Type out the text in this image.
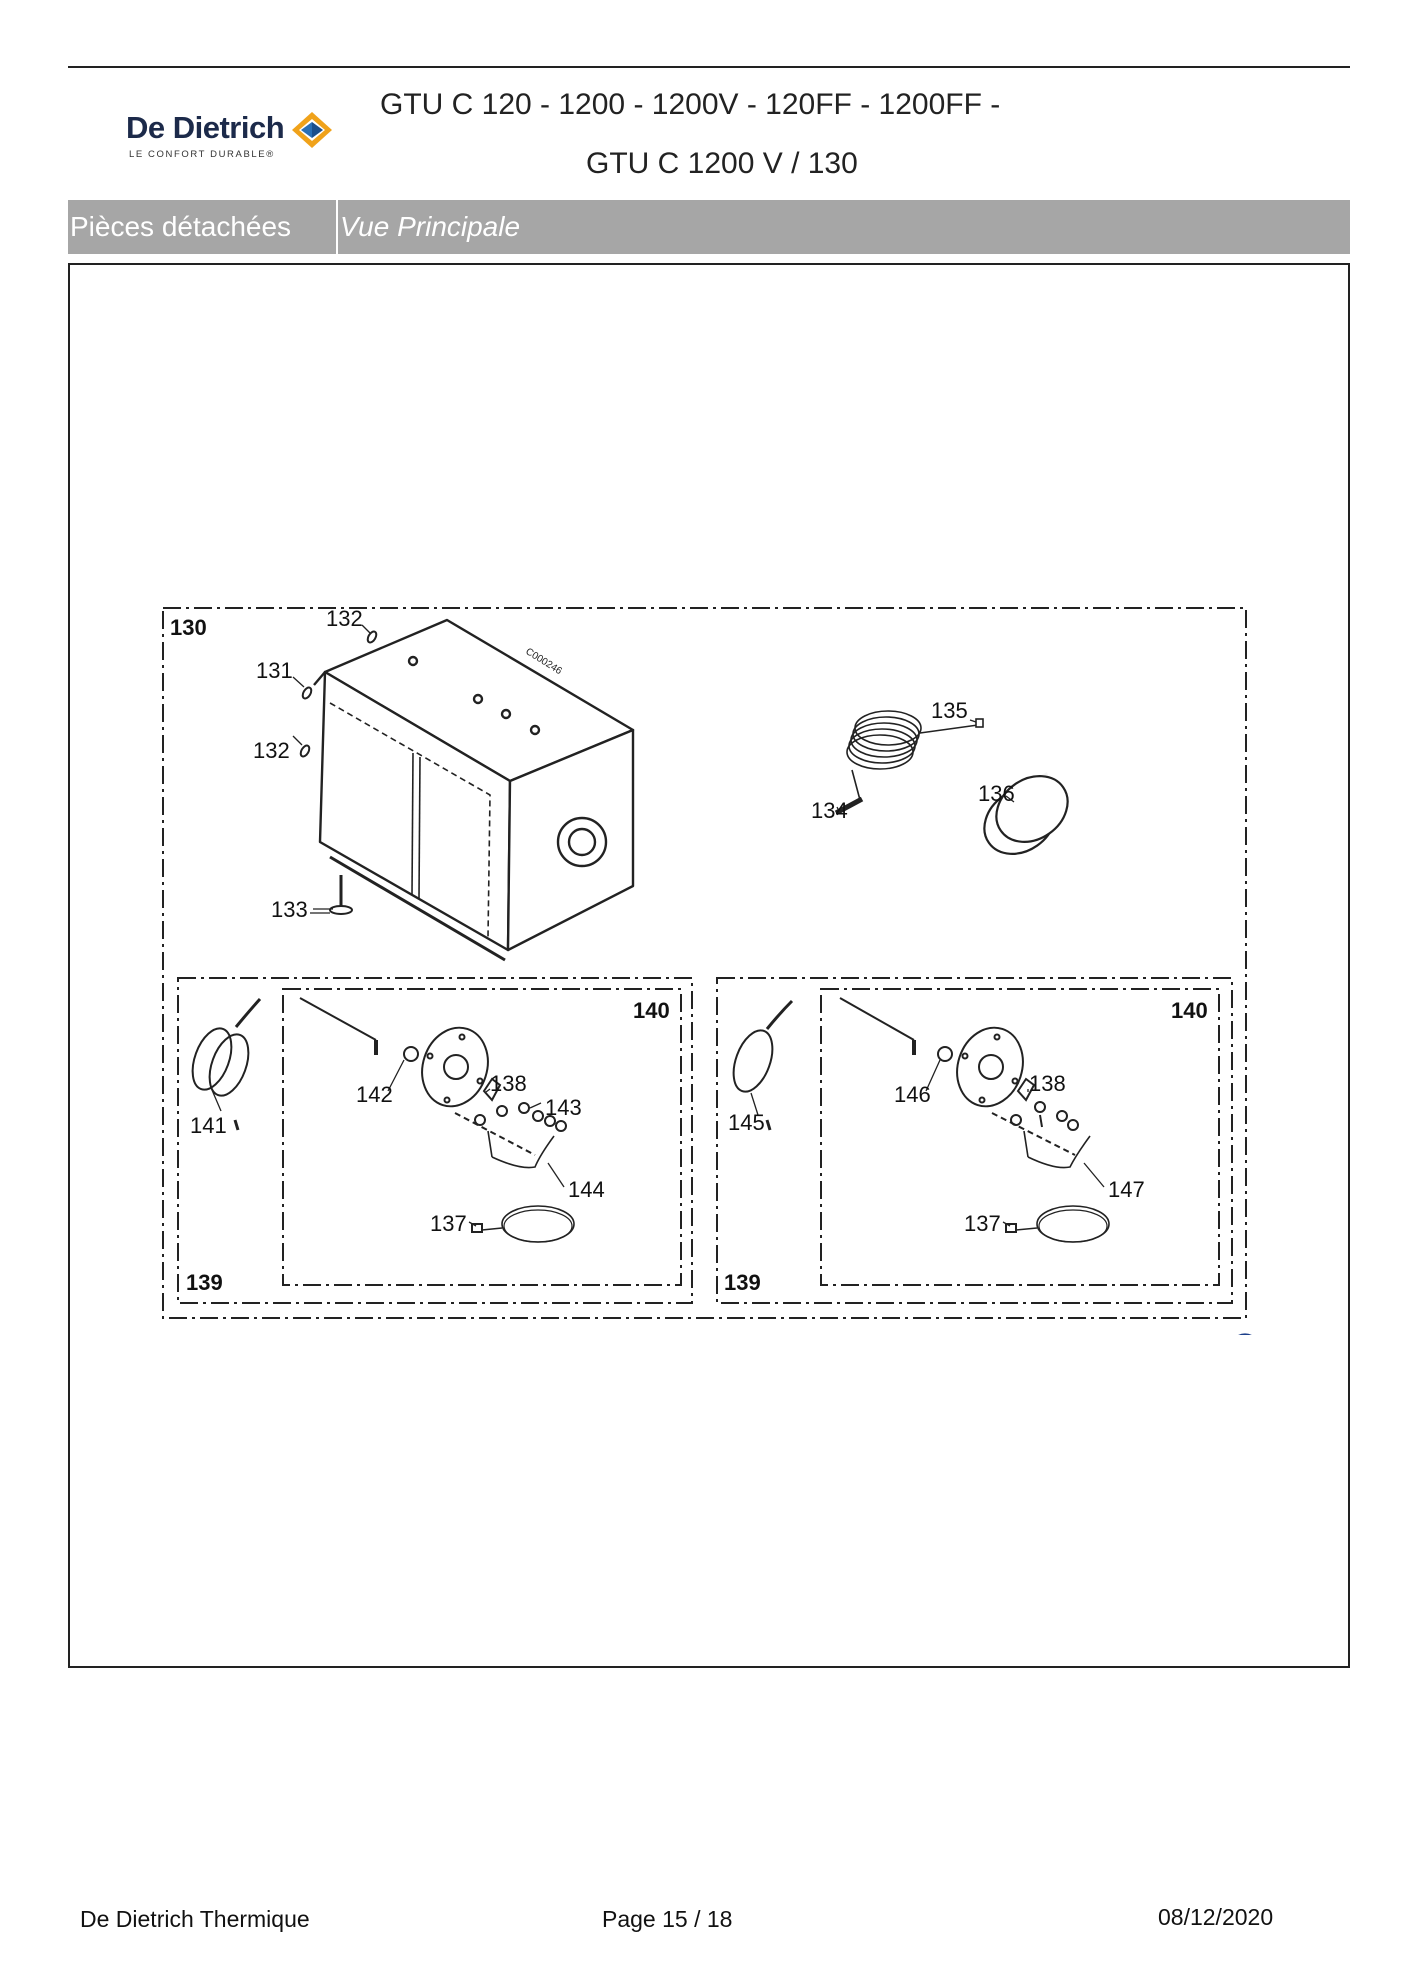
De Dietrich
LE CONFORT DURABLE®
GTU C 120 - 1200 - 1200V - 120FF - 1200FF -
GTU C 1200 V / 130
Pièces détachées	Vue Principale
130
139
140
139
140
C000246
132
131
132
133
135
134
136
142	138
143
141
144
137
146	138
145
147
137
De Dietrich Thermique	Page 15 / 18	08/12/2020
